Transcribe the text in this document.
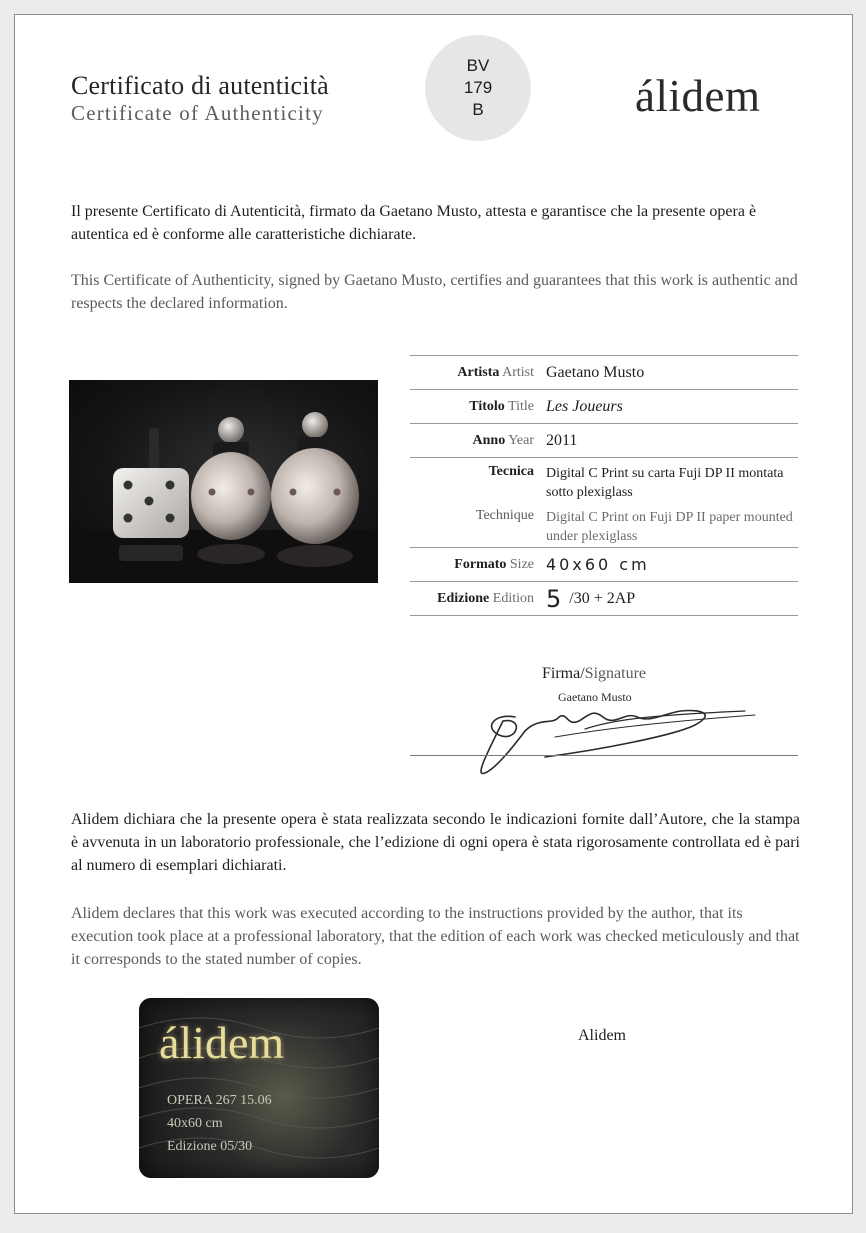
Certificato di autenticità
Certificate of Authenticity
BV
179
B	álidem
Il presente Certificato di Autenticità, firmato da Gaetano Musto, attesta e garantisce che la presente opera è autentica ed è conforme alle caratteristiche dichiarate.
This Certificate of Authenticity, signed by Gaetano Musto, certifies and guarantees that this work is authentic and respects the declared information.
Artista Artist Gaetano Musto
Titolo Title Les Joueurs
Anno Year 2011
Tecnica
Technique
Digital C Print su carta Fuji DP II montata sotto plexiglass
Digital C Print on Fuji DP II paper mounted under plexiglass
Formato Size 40x60 cm
Edizione Edition 5 /30 + 2AP
Firma/Signature
Gaetano Musto
Alidem dichiara che la presente opera è stata realizzata secondo le indicazioni fornite dall’Autore, che la stampa è avvenuta in un laboratorio professionale, che l’edizione di ogni opera è stata rigorosamente controllata ed è pari al numero di esemplari dichiarati.
Alidem declares that this work was executed according to the instructions provided by the author, that its execution took place at a professional laboratory, that the edition of each work was checked meticulously and that it corresponds to the stated number of copies.
álidem
OPERA 267 15.06
40x60 cm
Edizione 05/30
Alidem
